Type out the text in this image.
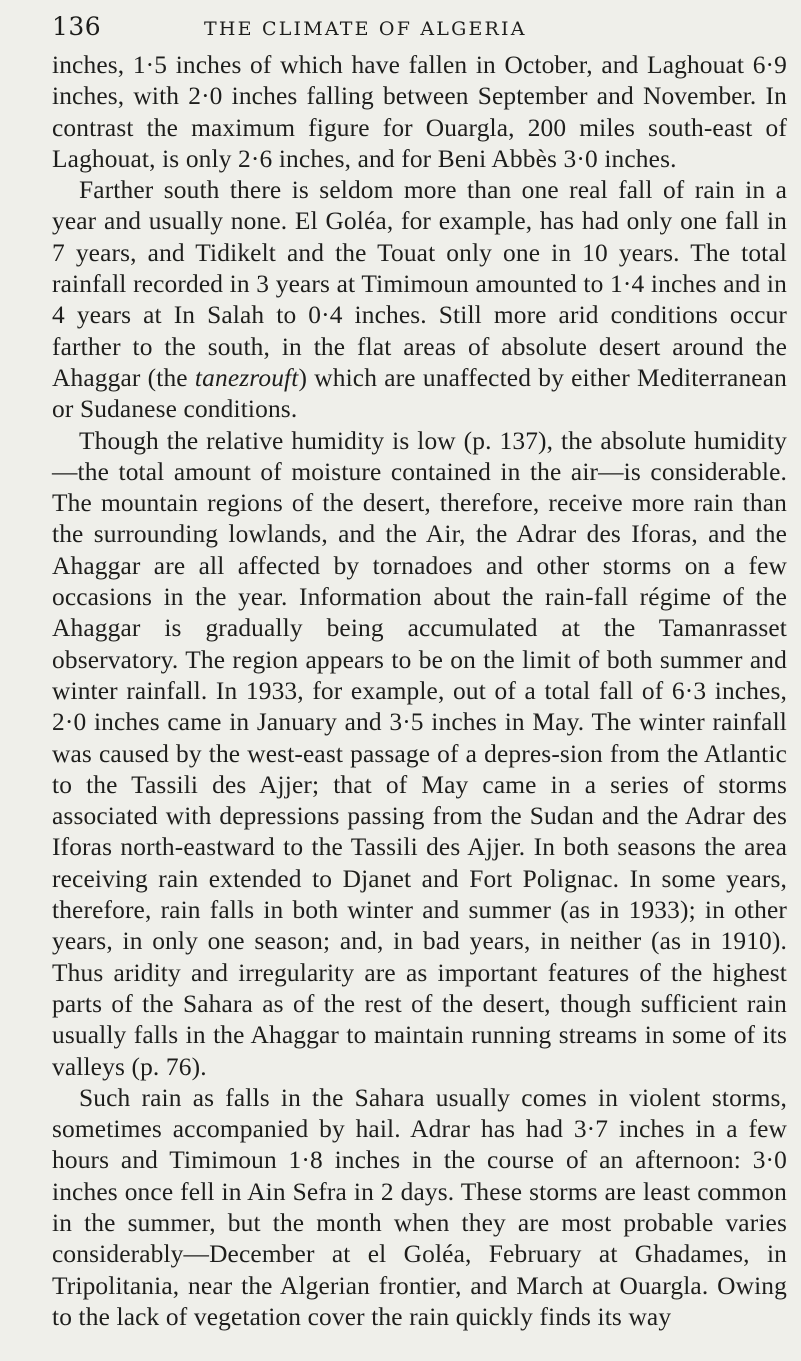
136	THE CLIMATE OF ALGERIA

inches, 1·5 inches of which have fallen in October, and Laghouat 6·9 inches, with 2·0 inches falling between September and November. In contrast the maximum figure for Ouargla, 200 miles south-east of Laghouat, is only 2·6 inches, and for Beni Abbès 3·0 inches.

Farther south there is seldom more than one real fall of rain in a year and usually none. El Goléa, for example, has had only one fall in 7 years, and Tidikelt and the Touat only one in 10 years. The total rainfall recorded in 3 years at Timimoun amounted to 1·4 inches and in 4 years at In Salah to 0·4 inches. Still more arid conditions occur farther to the south, in the flat areas of absolute desert around the Ahaggar (the tanezrouft) which are unaffected by either Mediterranean or Sudanese conditions.

Though the relative humidity is low (p. 137), the absolute humidity—the total amount of moisture contained in the air—is considerable. The mountain regions of the desert, therefore, receive more rain than the surrounding lowlands, and the Air, the Adrar des Iforas, and the Ahaggar are all affected by tornadoes and other storms on a few occasions in the year. Information about the rain-fall régime of the Ahaggar is gradually being accumulated at the Tamanrasset observatory. The region appears to be on the limit of both summer and winter rainfall. In 1933, for example, out of a total fall of 6·3 inches, 2·0 inches came in January and 3·5 inches in May. The winter rainfall was caused by the west-east passage of a depres-sion from the Atlantic to the Tassili des Ajjer; that of May came in a series of storms associated with depressions passing from the Sudan and the Adrar des Iforas north-eastward to the Tassili des Ajjer. In both seasons the area receiving rain extended to Djanet and Fort Polignac. In some years, therefore, rain falls in both winter and summer (as in 1933); in other years, in only one season; and, in bad years, in neither (as in 1910). Thus aridity and irregularity are as important features of the highest parts of the Sahara as of the rest of the desert, though sufficient rain usually falls in the Ahaggar to maintain running streams in some of its valleys (p. 76).

Such rain as falls in the Sahara usually comes in violent storms, sometimes accompanied by hail. Adrar has had 3·7 inches in a few hours and Timimoun 1·8 inches in the course of an afternoon: 3·0 inches once fell in Ain Sefra in 2 days. These storms are least common in the summer, but the month when they are most probable varies considerably—December at el Goléa, February at Ghadames, in Tripolitania, near the Algerian frontier, and March at Ouargla. Owing to the lack of vegetation cover the rain quickly finds its way
